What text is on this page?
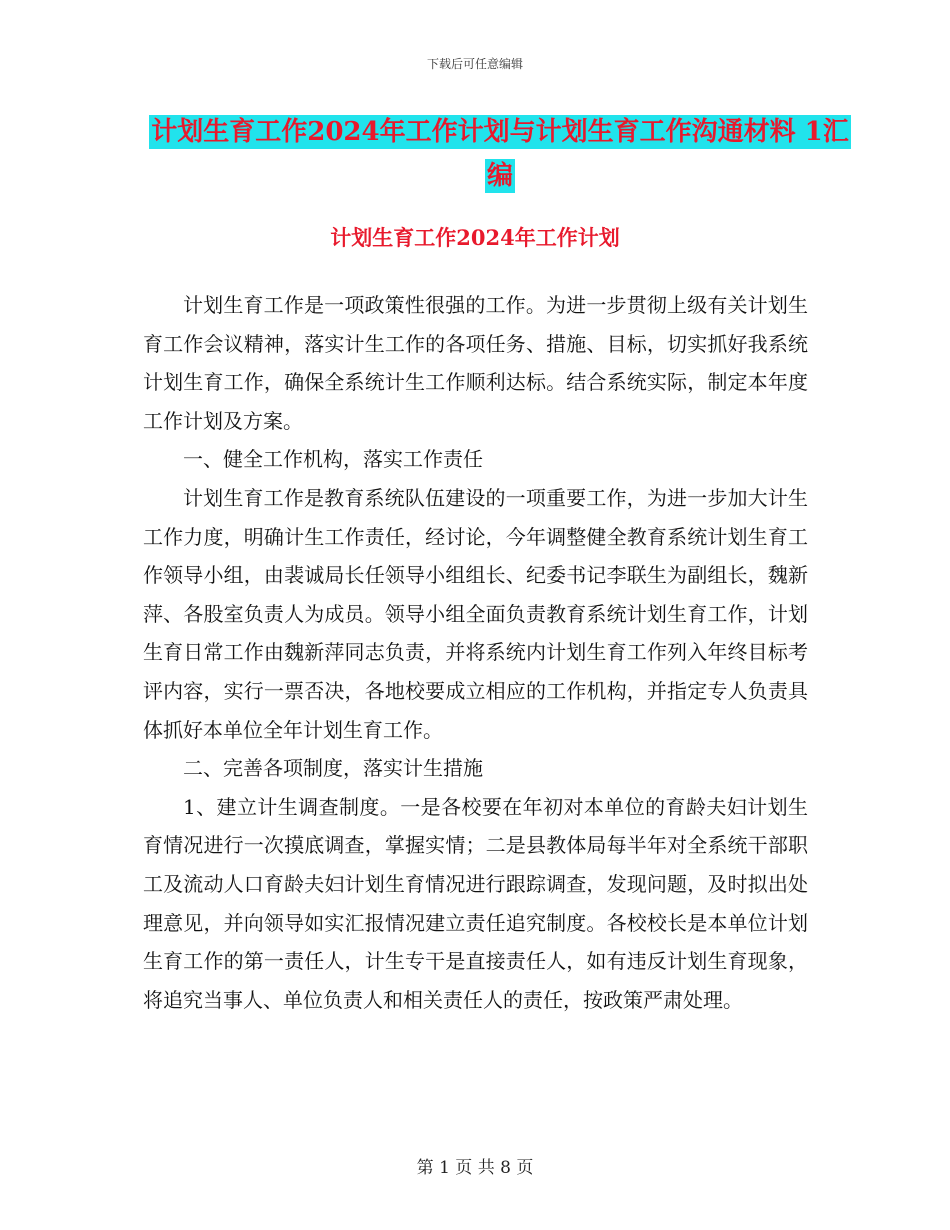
下载后可任意编辑
计划生育工作2024年工作计划与计划生育工作沟通材料 1汇编
计划生育工作2024年工作计划

计划生育工作是一项政策性很强的工作。为进一步贯彻上级有关计划生育工作会议精神，落实计生工作的各项任务、措施、目标，切实抓好我系统计划生育工作，确保全系统计生工作顺利达标。结合系统实际，制定本年度工作计划及方案。

一、健全工作机构，落实工作责任

计划生育工作是教育系统队伍建设的一项重要工作，为进一步加大计生工作力度，明确计生工作责任，经讨论，今年调整健全教育系统计划生育工作领导小组，由裴诚局长任领导小组组长、纪委书记李联生为副组长，魏新萍、各股室负责人为成员。领导小组全面负责教育系统计划生育工作，计划生育日常工作由魏新萍同志负责，并将系统内计划生育工作列入年终目标考评内容，实行一票否决，各地校要成立相应的工作机构，并指定专人负责具体抓好本单位全年计划生育工作。

二、完善各项制度，落实计生措施

1、建立计生调查制度。一是各校要在年初对本单位的育龄夫妇计划生育情况进行一次摸底调查，掌握实情；二是县教体局每半年对全系统干部职工及流动人口育龄夫妇计划生育情况进行跟踪调查，发现问题，及时拟出处理意见，并向领导如实汇报情况建立责任追究制度。各校校长是本单位计划生育工作的第一责任人，计生专干是直接责任人，如有违反计划生育现象，将追究当事人、单位负责人和相关责任人的责任，按政策严肃处理。

第 1 页 共 8 页
